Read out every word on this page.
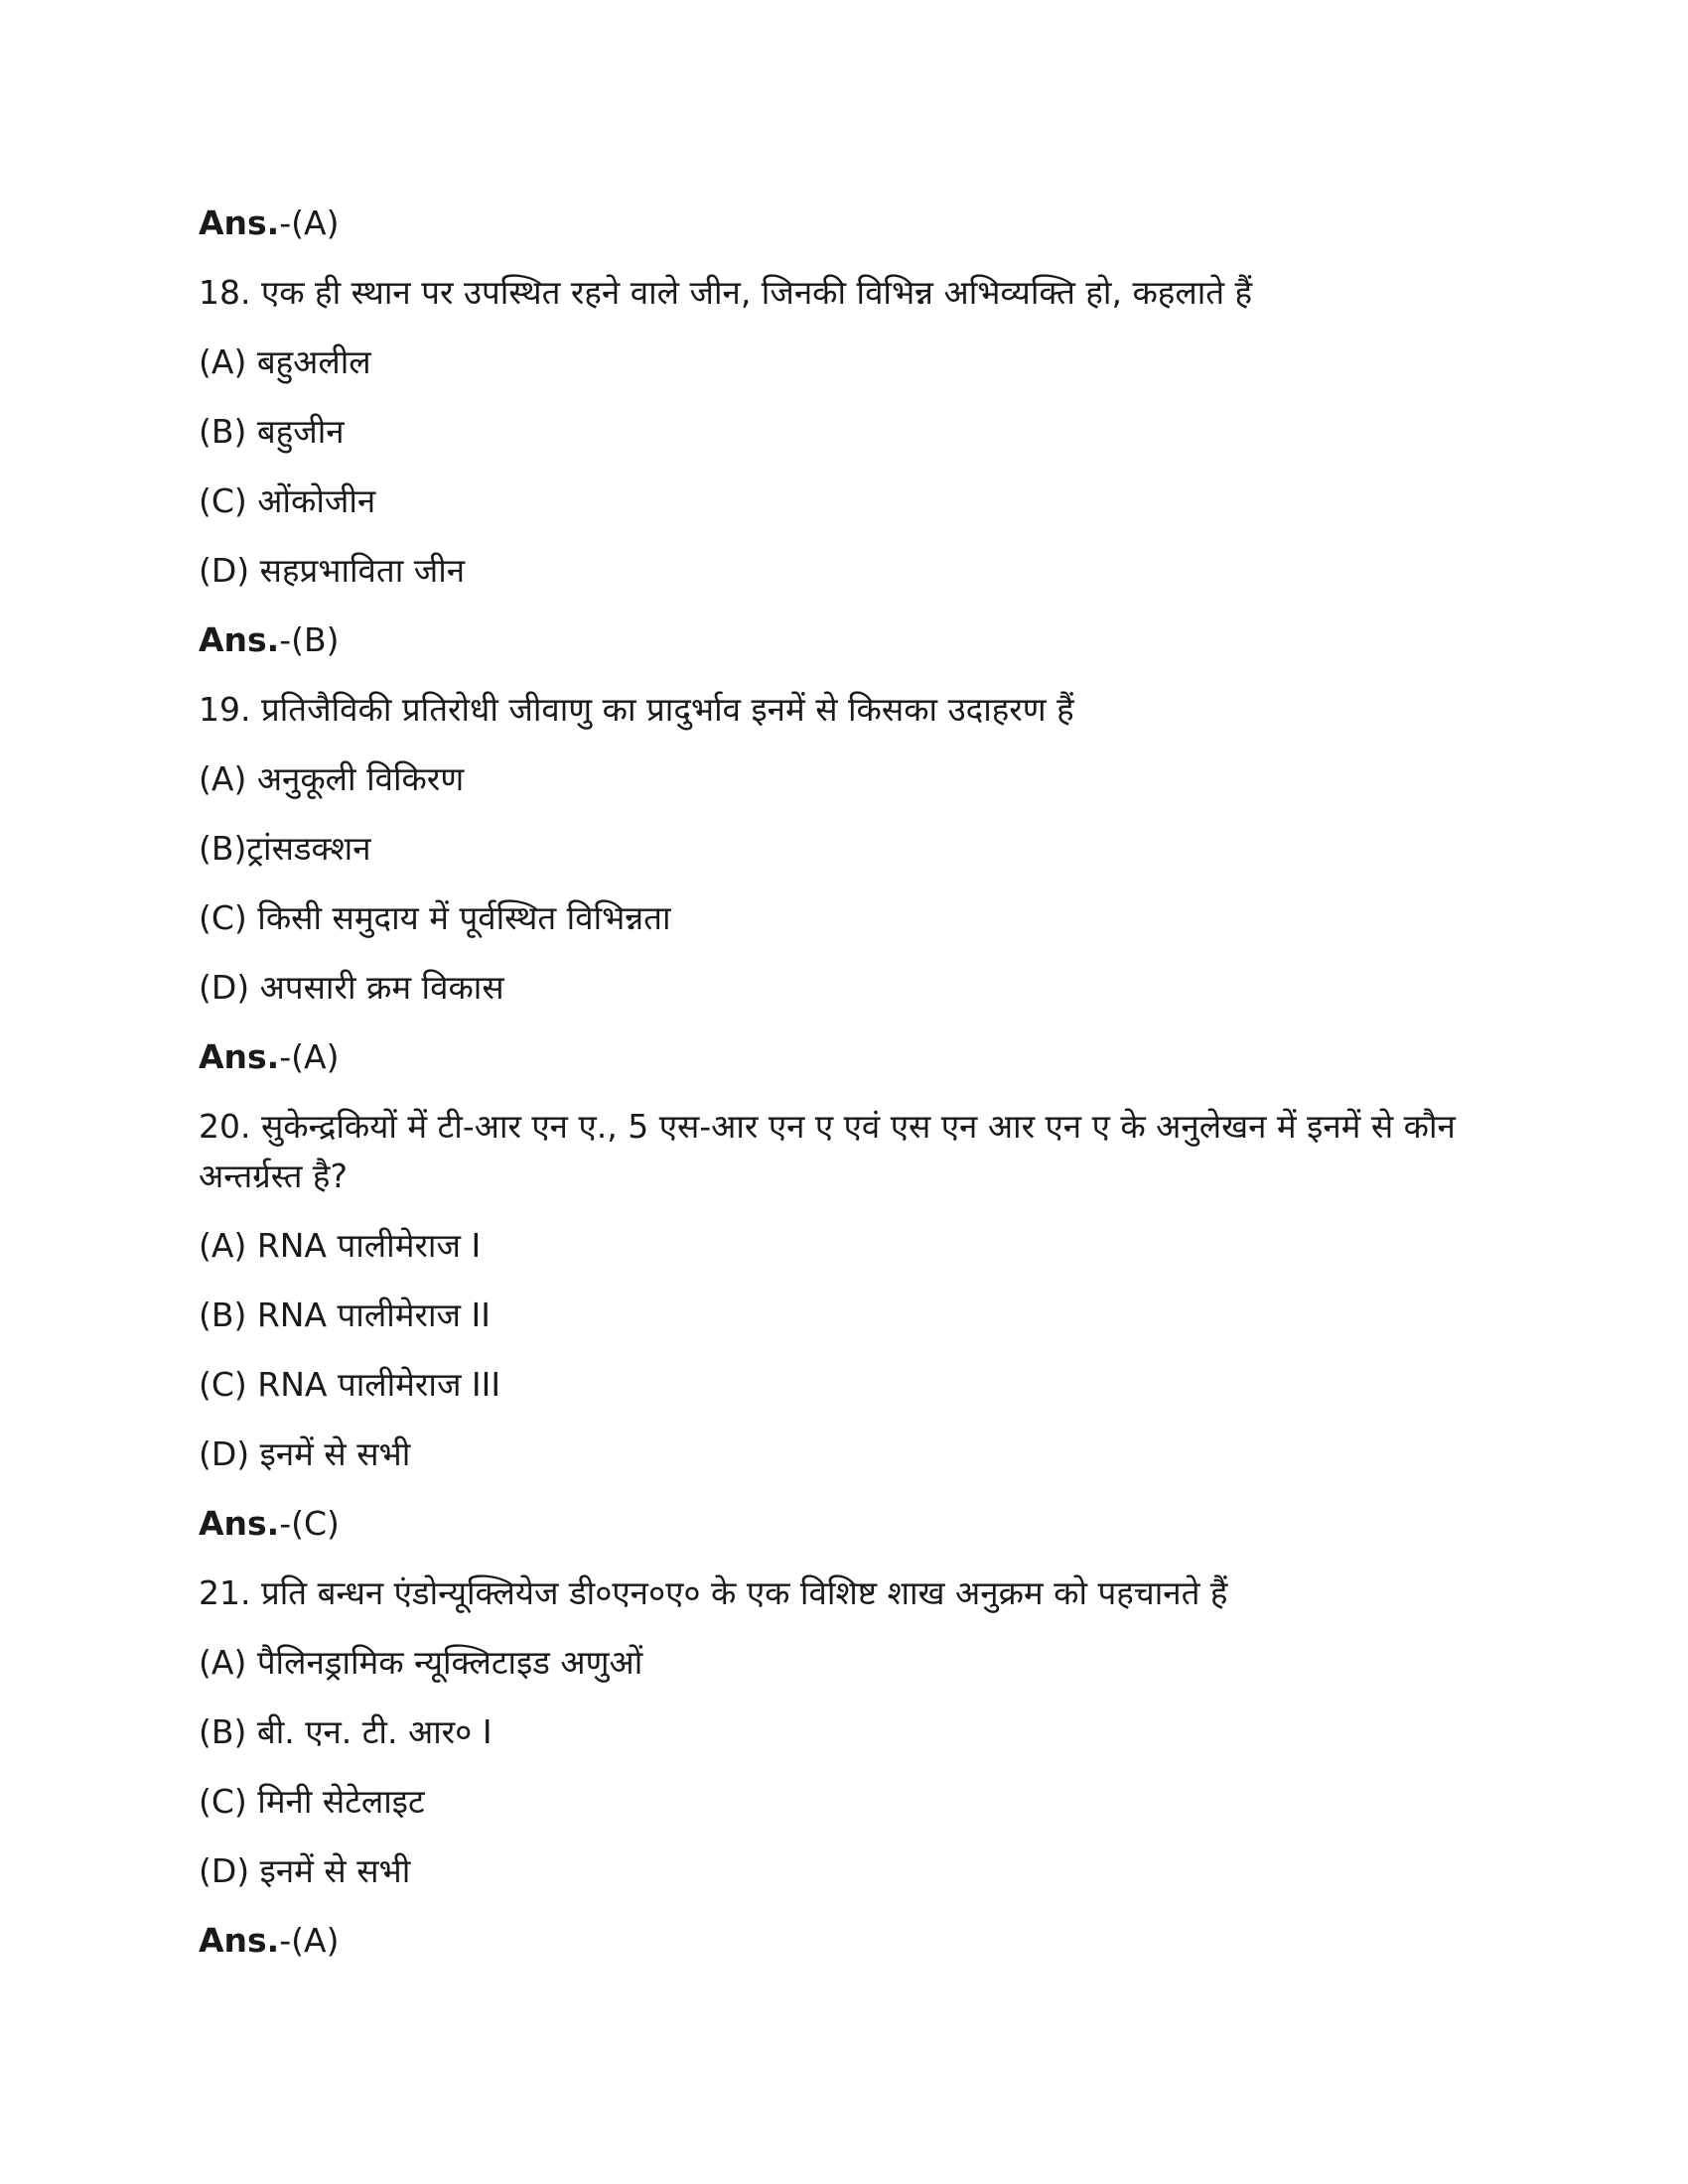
Ans.-(A)
18. एक ही स्थान पर उपस्थित रहने वाले जीन, जिनकी विभिन्न अभिव्यक्ति हो, कहलाते हैं
(A) बहुअलील
(B) बहुजीन
(C) ओंकोजीन
(D) सहप्रभाविता जीन
Ans.-(B)
19. प्रतिजैविकी प्रतिरोधी जीवाणु का प्रादुर्भाव इनमें से किसका उदाहरण हैं
(A) अनुकूली विकिरण
(B)ट्रांसडक्शन
(C) किसी समुदाय में पूर्वस्थित विभिन्नता
(D) अपसारी क्रम विकास
Ans.-(A)
20. सुकेन्द्रकियों में टी-आर एन ए., 5 एस-आर एन ए एवं एस एन आर एन ए के अनुलेखन में इनमें से कौन अन्तर्ग्रस्त है?
(A) RNA पालीमेराज I
(B) RNA पालीमेराज II
(C) RNA पालीमेराज III
(D) इनमें से सभी
Ans.-(C)
21. प्रति बन्धन एंडोन्यूक्लियेज डी०एन०ए० के एक विशिष्ट शाख अनुक्रम को पहचानते हैं
(A) पैलिनड्रामिक न्यूक्लिटाइड अणुओं
(B) बी. एन. टी. आर० I
(C) मिनी सेटेलाइट
(D) इनमें से सभी
Ans.-(A)
